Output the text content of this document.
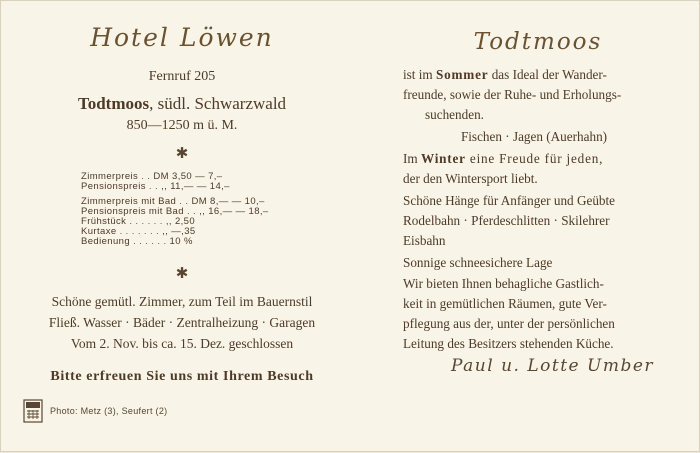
Hotel Löwen
Fernruf 205
Todtmoos, südl. Schwarzwald
850—1250 m ü. M.
✱
Zimmerpreis . . DM 3,50 — 7,–
Pensionspreis . . ,, 11,— — 14,–
Zimmerpreis mit Bad . . DM 8,— — 10,–
Pensionspreis mit Bad . . ,, 16,— — 18,–
Frühstück . . . . . . ,, 2,50
Kurtaxe . . . . . . . ,, —,35
Bedienung . . . . . . 10 %
✱
Schöne gemütl. Zimmer, zum Teil im Bauernstil
Fließ. Wasser · Bäder · Zentralheizung · Garagen
Vom 2. Nov. bis ca. 15. Dez. geschlossen
Bitte erfreuen Sie uns mit Ihrem Besuch
Photo: Metz (3), Seufert (2)
Todtmoos
ist im Sommer das Ideal der Wander-
freunde, sowie der Ruhe- und Erholungs-
suchenden.
Fischen · Jagen (Auerhahn)
Im Winter eine Freude für jeden,
der den Wintersport liebt.
Schöne Hänge für Anfänger und Geübte
Rodelbahn · Pferdeschlitten · Skilehrer
Eisbahn
Sonnige schneesichere Lage
Wir bieten Ihnen behagliche Gastlich-
keit in gemütlichen Räumen, gute Ver-
pflegung aus der, unter der persönlichen
Leitung des Besitzers stehenden Küche.
Paul u. Lotte Umber
